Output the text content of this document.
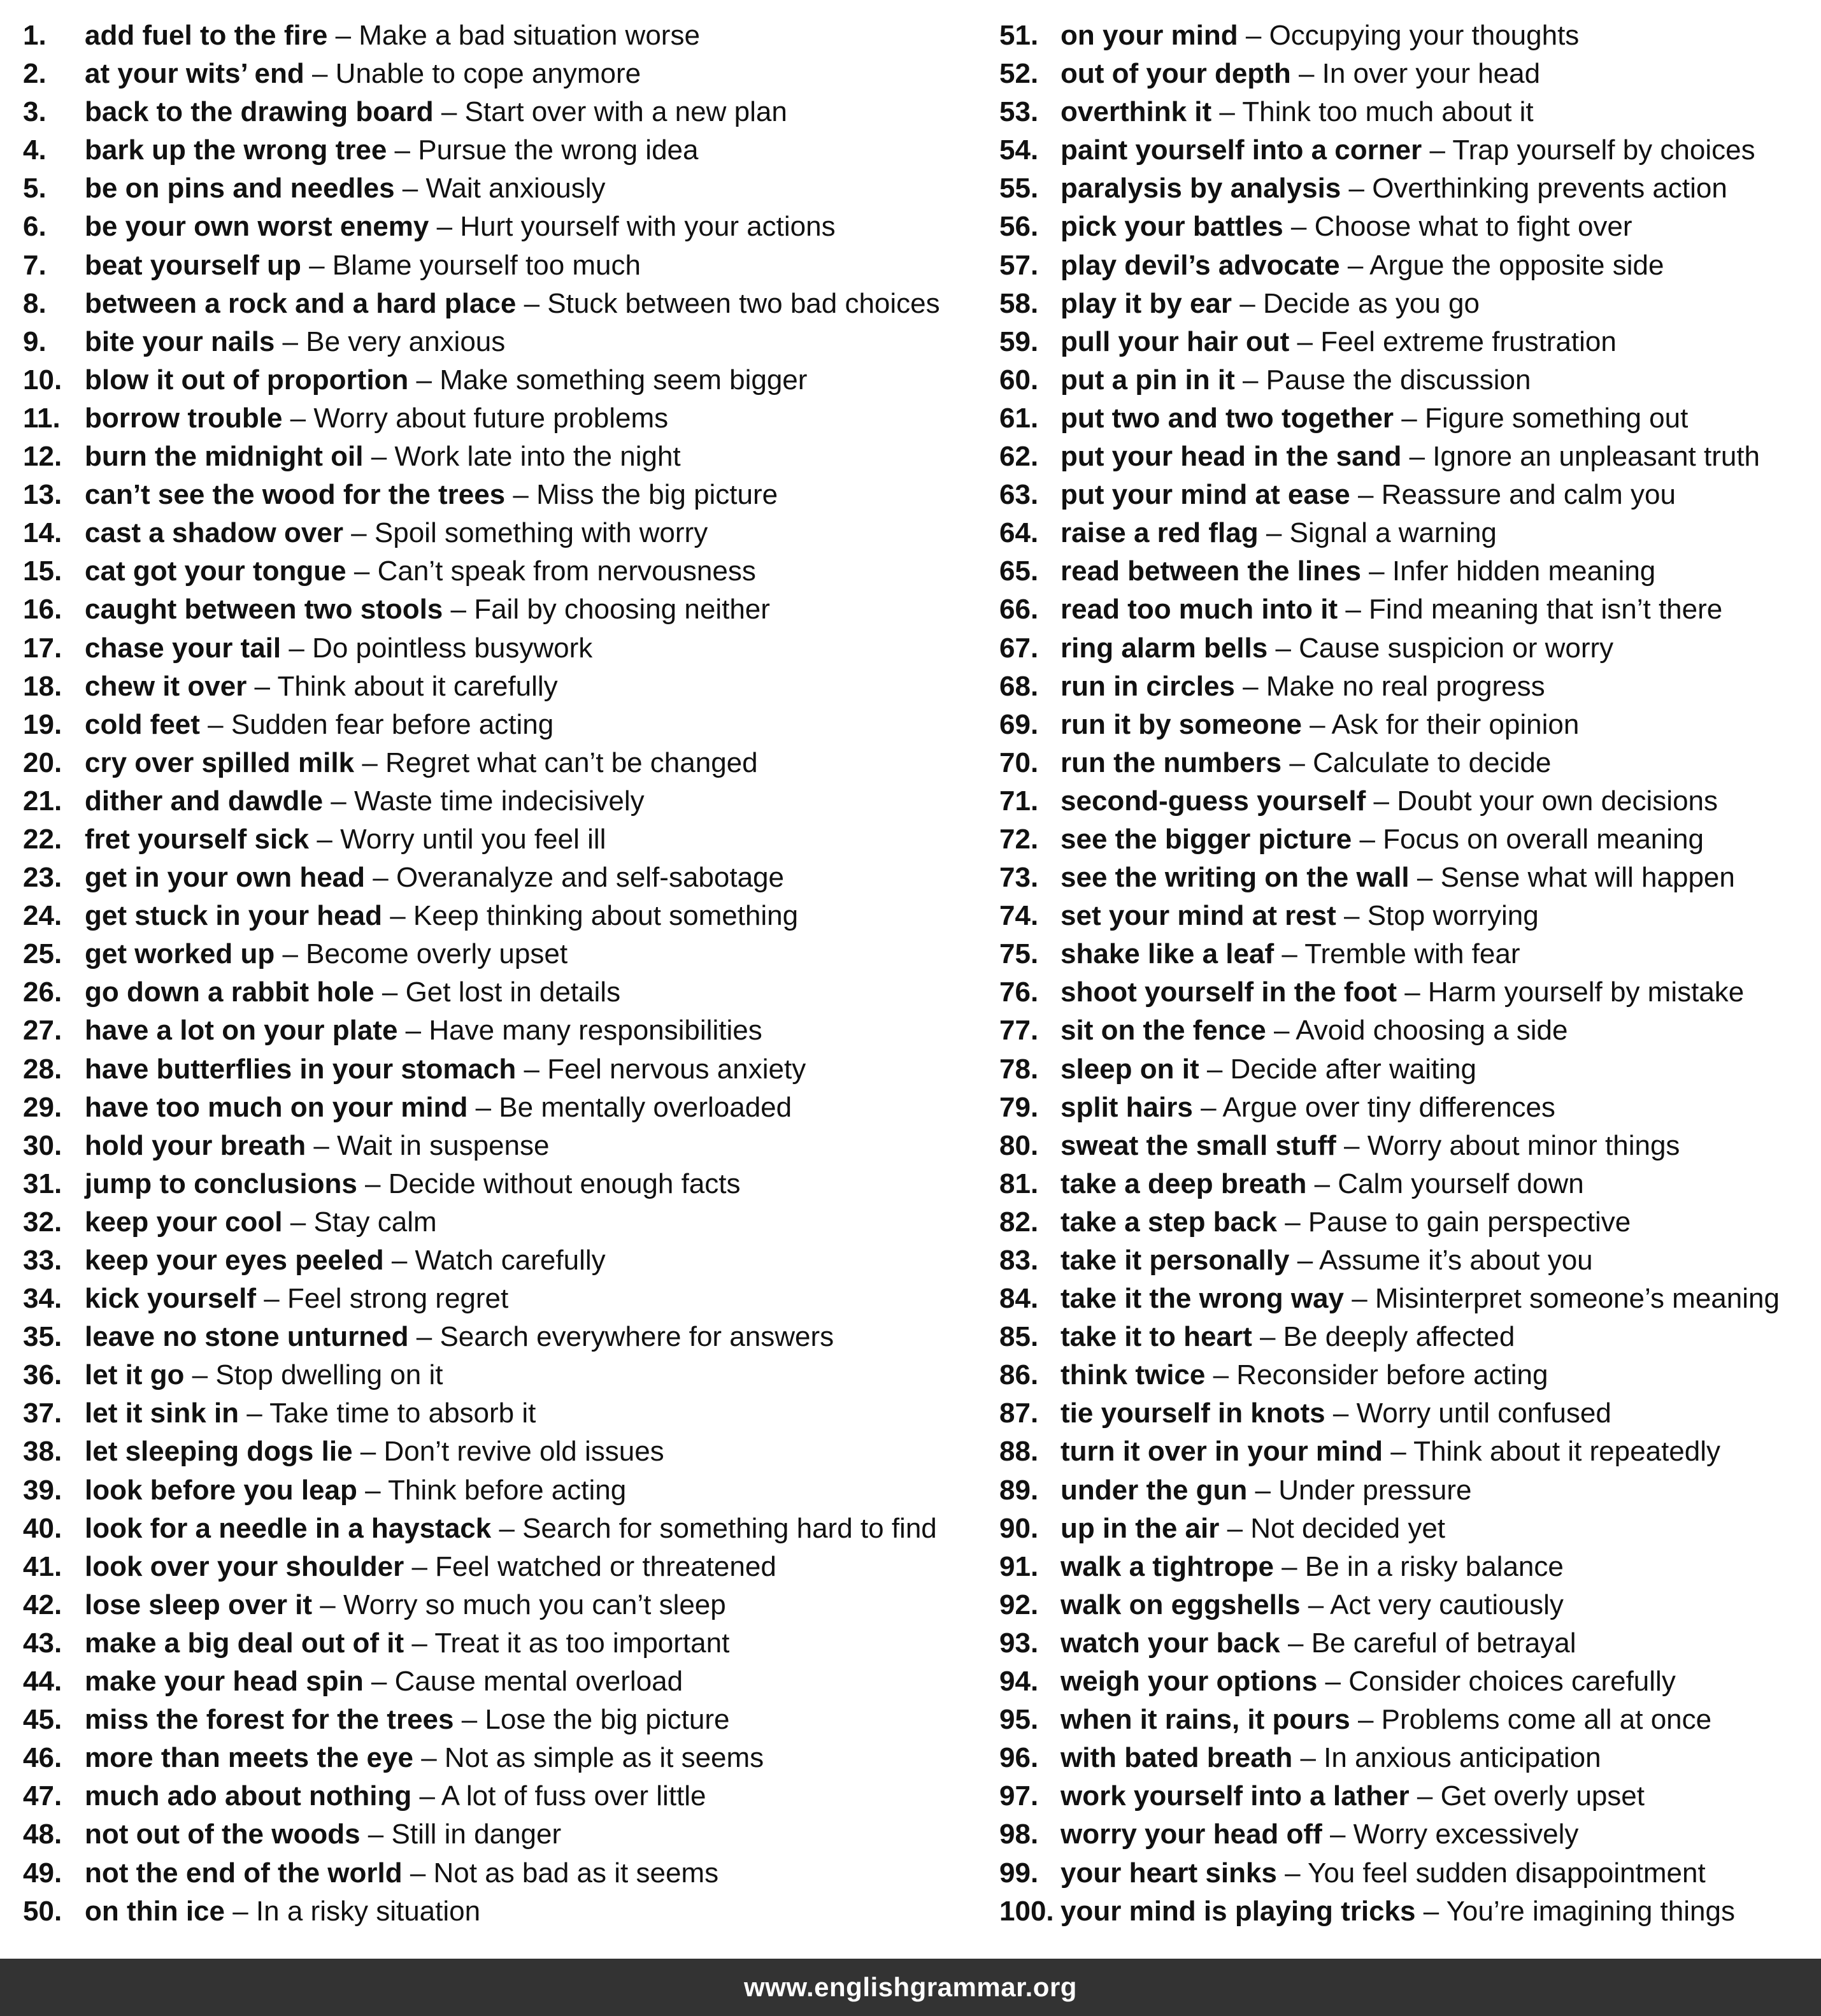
1.	add fuel to the fire – Make a bad situation worse
2.	at your wits’ end – Unable to cope anymore
3.	back to the drawing board – Start over with a new plan
4.	bark up the wrong tree – Pursue the wrong idea
5.	be on pins and needles – Wait anxiously
6.	be your own worst enemy – Hurt yourself with your actions
7.	beat yourself up – Blame yourself too much
8.	between a rock and a hard place – Stuck between two bad choices
9.	bite your nails – Be very anxious
10. blow it out of proportion – Make something seem bigger
11. borrow trouble – Worry about future problems
12. burn the midnight oil – Work late into the night
13. can’t see the wood for the trees – Miss the big picture
14. cast a shadow over – Spoil something with worry
15. cat got your tongue – Can’t speak from nervousness
16. caught between two stools – Fail by choosing neither
17. chase your tail – Do pointless busywork
18. chew it over – Think about it carefully
19. cold feet – Sudden fear before acting
20. cry over spilled milk – Regret what can’t be changed
21. dither and dawdle – Waste time indecisively
22. fret yourself sick – Worry until you feel ill
23. get in your own head – Overanalyze and self-sabotage
24. get stuck in your head – Keep thinking about something
25. get worked up – Become overly upset
26. go down a rabbit hole – Get lost in details
27. have a lot on your plate – Have many responsibilities
28. have butterflies in your stomach – Feel nervous anxiety
29. have too much on your mind – Be mentally overloaded
30. hold your breath – Wait in suspense
31. jump to conclusions – Decide without enough facts
32. keep your cool – Stay calm
33. keep your eyes peeled – Watch carefully
34. kick yourself – Feel strong regret
35. leave no stone unturned – Search everywhere for answers
36. let it go – Stop dwelling on it
37. let it sink in – Take time to absorb it
38. let sleeping dogs lie – Don’t revive old issues
39. look before you leap – Think before acting
40. look for a needle in a haystack – Search for something hard to find
41. look over your shoulder – Feel watched or threatened
42. lose sleep over it – Worry so much you can’t sleep
43. make a big deal out of it – Treat it as too important
44. make your head spin – Cause mental overload
45. miss the forest for the trees – Lose the big picture
46. more than meets the eye – Not as simple as it seems
47. much ado about nothing – A lot of fuss over little
48. not out of the woods – Still in danger
49. not the end of the world – Not as bad as it seems
50. on thin ice – In a risky situation
51. on your mind – Occupying your thoughts
52. out of your depth – In over your head
53. overthink it – Think too much about it
54. paint yourself into a corner – Trap yourself by choices
55. paralysis by analysis – Overthinking prevents action
56. pick your battles – Choose what to fight over
57. play devil’s advocate – Argue the opposite side
58. play it by ear – Decide as you go
59. pull your hair out – Feel extreme frustration
60. put a pin in it – Pause the discussion
61. put two and two together – Figure something out
62. put your head in the sand – Ignore an unpleasant truth
63. put your mind at ease – Reassure and calm you
64. raise a red flag – Signal a warning
65. read between the lines – Infer hidden meaning
66. read too much into it – Find meaning that isn’t there
67. ring alarm bells – Cause suspicion or worry
68. run in circles – Make no real progress
69. run it by someone – Ask for their opinion
70. run the numbers – Calculate to decide
71. second-guess yourself – Doubt your own decisions
72. see the bigger picture – Focus on overall meaning
73. see the writing on the wall – Sense what will happen
74. set your mind at rest – Stop worrying
75. shake like a leaf – Tremble with fear
76. shoot yourself in the foot – Harm yourself by mistake
77. sit on the fence – Avoid choosing a side
78. sleep on it – Decide after waiting
79. split hairs – Argue over tiny differences
80. sweat the small stuff – Worry about minor things
81. take a deep breath – Calm yourself down
82. take a step back – Pause to gain perspective
83. take it personally – Assume it’s about you
84. take it the wrong way – Misinterpret someone’s meaning
85. take it to heart – Be deeply affected
86. think twice – Reconsider before acting
87. tie yourself in knots – Worry until confused
88. turn it over in your mind – Think about it repeatedly
89. under the gun – Under pressure
90. up in the air – Not decided yet
91. walk a tightrope – Be in a risky balance
92. walk on eggshells – Act very cautiously
93. watch your back – Be careful of betrayal
94. weigh your options – Consider choices carefully
95. when it rains, it pours – Problems come all at once
96. with bated breath – In anxious anticipation
97. work yourself into a lather – Get overly upset
98. worry your head off – Worry excessively
99. your heart sinks – You feel sudden disappointment
100. your mind is playing tricks – You’re imagining things
www.englishgrammar.org
